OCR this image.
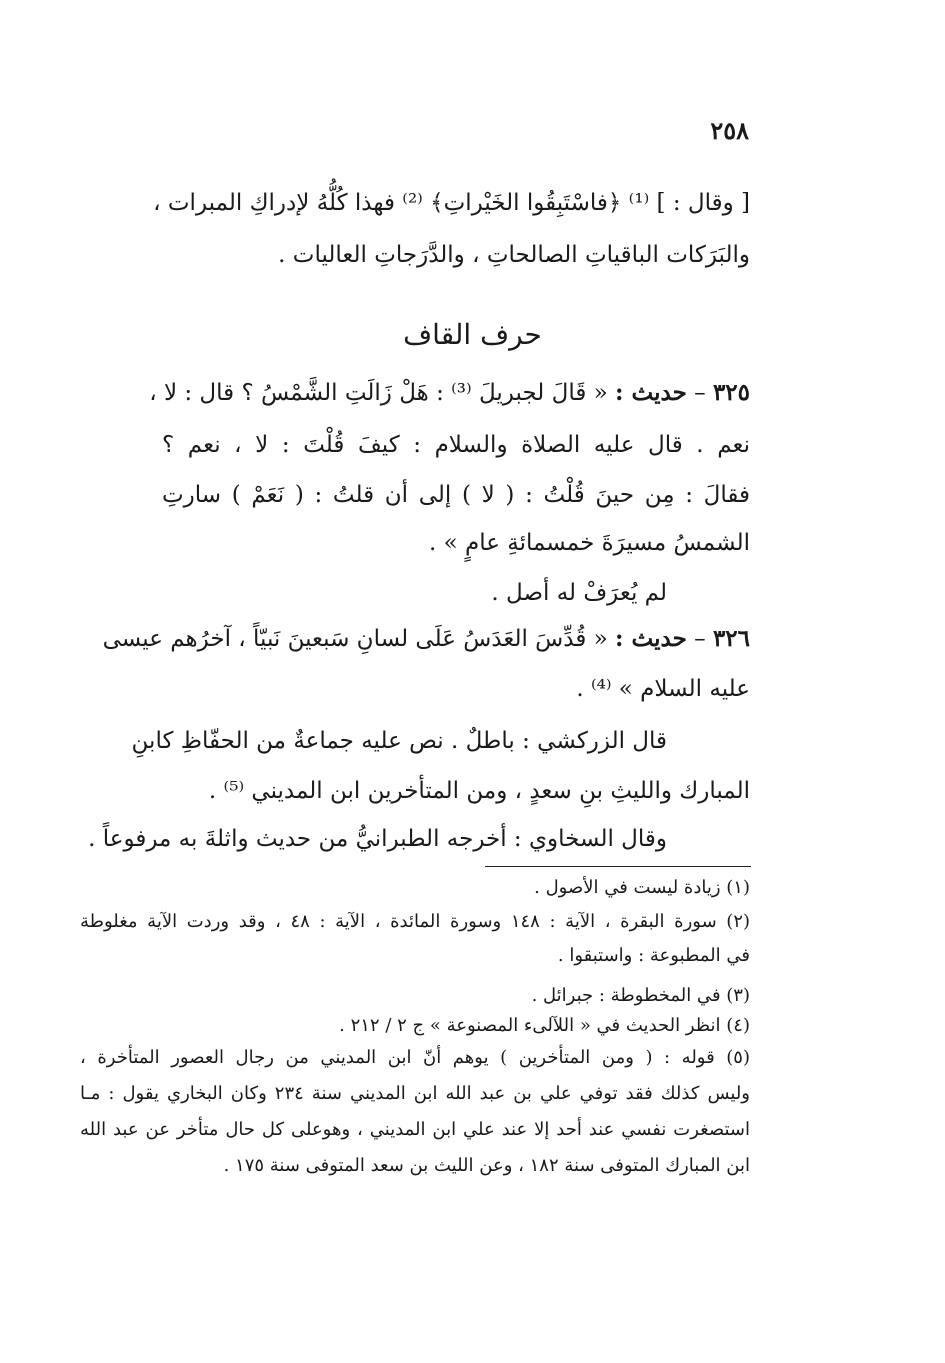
٢٥٨
[ وقال : ] ⁽¹⁾ ﴿فاسْتَبِقُوا الخَيْراتِ﴾ ⁽²⁾ فهذا كُلُّهُ لإدراكِ المبرات ،
والبَرَكات الباقياتِ الصالحاتِ ، والدَّرَجاتِ العاليات .
حرف القاف
٣٢٥ – حديث : « قَالَ لجبريلَ ⁽³⁾ : هَلْ زَالَتِ الشَّمْسُ ؟ قال : لا ،
نعم . قال عليه الصلاة والسلام : كيفَ قُلْتَ : لا ، نعم ؟
فقالَ : مِن حينَ قُلْتُ : ( لا ) إلى أن قلتُ : ( نَعَمْ ) سارتِ
الشمسُ مسيرَةَ خمسمائةِ عامٍ » .
لم يُعرَفْ له أصل .
٣٢٦ – حديث : « قُدِّسَ العَدَسُ عَلَى لسانِ سَبعينَ نَبيّاً ، آخرُهم عيسى
عليه السلام » ⁽⁴⁾ .
قال الزركشي : باطلٌ . نص عليه جماعةٌ من الحفّاظِ كابنِ
المبارك والليثِ بنِ سعدٍ ، ومن المتأخرين ابن المديني ⁽⁵⁾ .
وقال السخاوي : أخرجه الطبرانيُّ من حديث واثلةَ به مرفوعاً .
(١) زيادة ليست في الأصول .
(٢) سورة البقرة ، الآية : ١٤٨ وسورة المائدة ، الآية : ٤٨ ، وقد وردت الآية مغلوطة
في المطبوعة : واستبقوا .
(٣) في المخطوطة : جبرائل .
(٤) انظر الحديث في « اللآلىء المصنوعة » ج ٢ / ٢١٢ .
(٥) قوله : ( ومن المتأخرين ) يوهم أنّ ابن المديني من رجال العصور المتأخرة ،
وليس كذلك فقد توفي علي بن عبد الله ابن المديني سنة ٢٣٤ وكان البخاري يقول : مـا
استصغرت نفسي عند أحد إلا عند علي ابن المديني ، وهوعلى كل حال متأخر عن عبد الله
ابن المبارك المتوفى سنة ١٨٢ ، وعن الليث بن سعد المتوفى سنة ١٧٥ .
